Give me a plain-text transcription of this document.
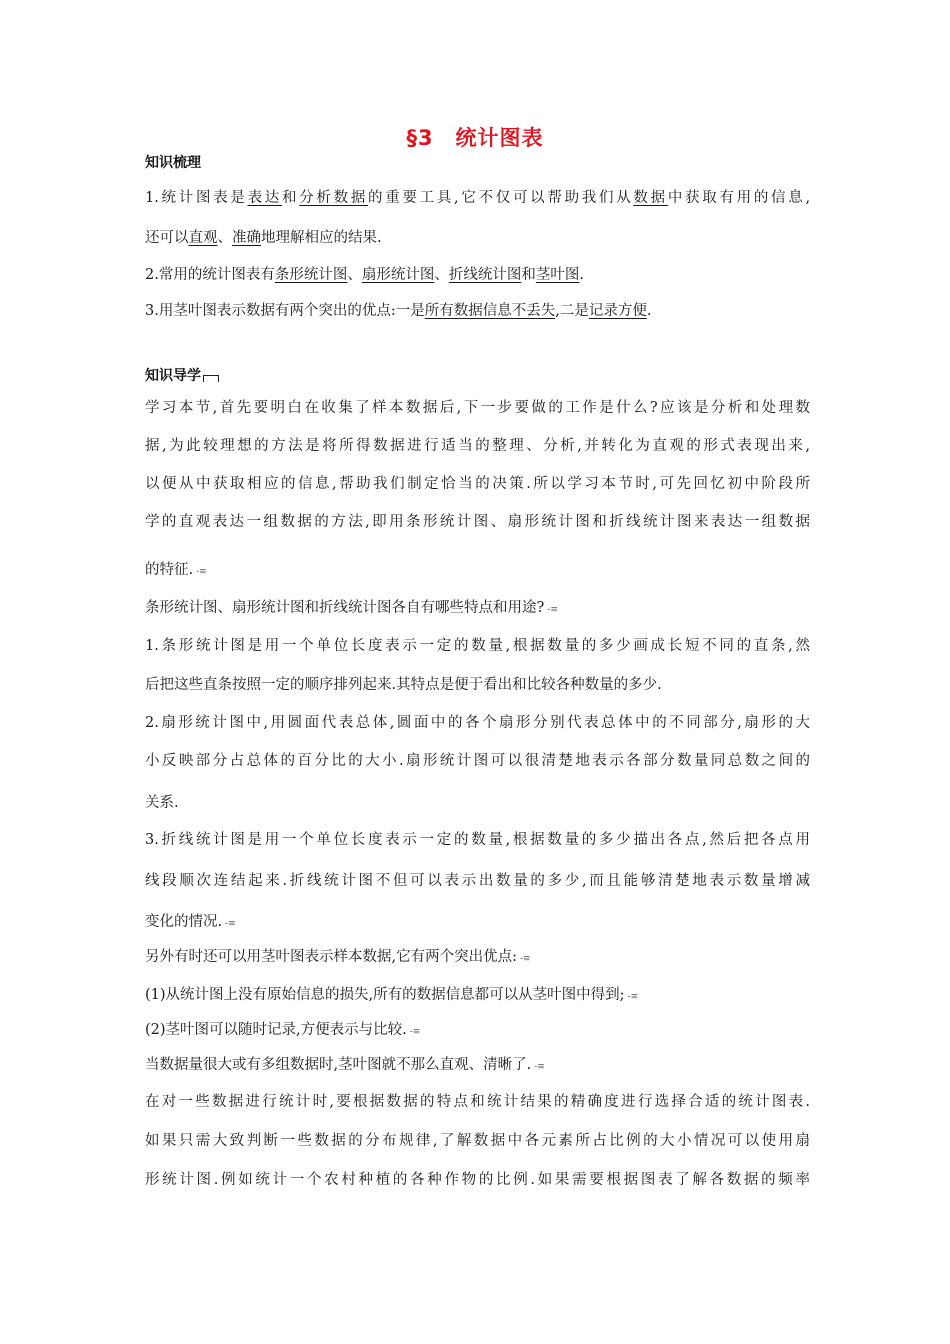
§3　统计图表
知识梳理
1.统计图表是表达和分析数据的重要工具,它不仅可以帮助我们从数据中获取有用的信息,
还可以直观、准确地理解相应的结果.
2.常用的统计图表有条形统计图、扇形统计图、折线统计图和茎叶图.
3.用茎叶图表示数据有两个突出的优点:一是所有数据信息不丢失,二是记录方便.
知识导学
学习本节,首先要明白在收集了样本数据后,下一步要做的工作是什么?应该是分析和处理数
据,为此较理想的方法是将所得数据进行适当的整理、分析,并转化为直观的形式表现出来,
以便从中获取相应的信息,帮助我们制定恰当的决策.所以学习本节时,可先回忆初中阶段所
学的直观表达一组数据的方法,即用条形统计图、扇形统计图和折线统计图来表达一组数据
的特征. -≡
条形统计图、扇形统计图和折线统计图各自有哪些特点和用途? -≡
1.条形统计图是用一个单位长度表示一定的数量,根据数量的多少画成长短不同的直条,然
后把这些直条按照一定的顺序排列起来.其特点是便于看出和比较各种数量的多少.
2.扇形统计图中,用圆面代表总体,圆面中的各个扇形分别代表总体中的不同部分,扇形的大
小反映部分占总体的百分比的大小.扇形统计图可以很清楚地表示各部分数量同总数之间的
关系.
3.折线统计图是用一个单位长度表示一定的数量,根据数量的多少描出各点,然后把各点用
线段顺次连结起来.折线统计图不但可以表示出数量的多少,而且能够清楚地表示数量增减
变化的情况. -≡
另外有时还可以用茎叶图表示样本数据,它有两个突出优点: -≡
(1)从统计图上没有原始信息的损失,所有的数据信息都可以从茎叶图中得到; -≡
(2)茎叶图可以随时记录,方便表示与比较. -≡
当数据量很大或有多组数据时,茎叶图就不那么直观、清晰了. -≡
在对一些数据进行统计时,要根据数据的特点和统计结果的精确度进行选择合适的统计图表.
如果只需大致判断一些数据的分布规律,了解数据中各元素所占比例的大小情况可以使用扇
形统计图.例如统计一个农村种植的各种作物的比例.如果需要根据图表了解各数据的频率
